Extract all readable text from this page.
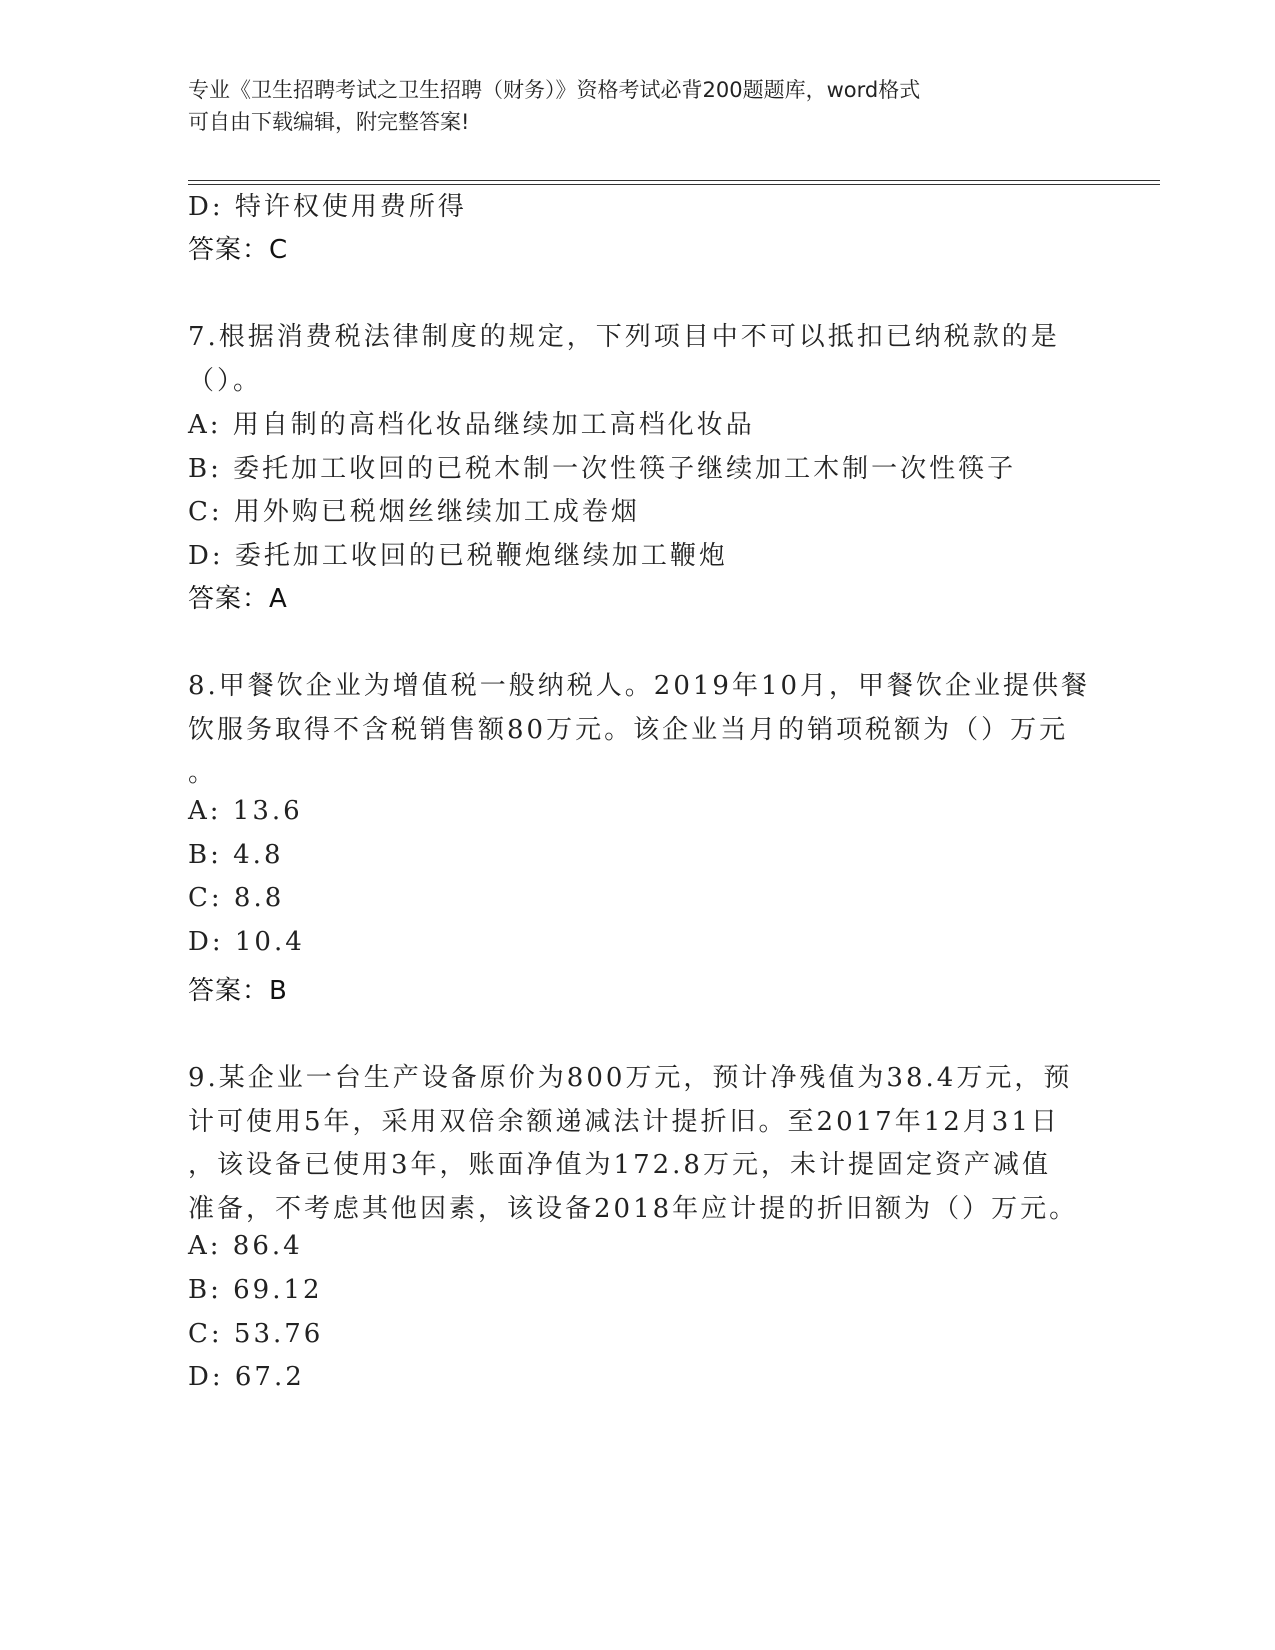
专业《卫生招聘考试之卫生招聘（财务）》资格考试必背200题题库，word格式
可自由下载编辑，附完整答案!
D: 特许权使用费所得
答案：C
7.根据消费税法律制度的规定，下列项目中不可以抵扣已纳税款的是
（）。
A: 用自制的高档化妆品继续加工高档化妆品
B: 委托加工收回的已税木制一次性筷子继续加工木制一次性筷子
C: 用外购已税烟丝继续加工成卷烟
D: 委托加工收回的已税鞭炮继续加工鞭炮
答案：A
8.甲餐饮企业为增值税一般纳税人。2019年10月，甲餐饮企业提供餐
饮服务取得不含税销售额80万元。该企业当月的销项税额为（）万元
。
A: 13.6
B: 4.8
C: 8.8
D: 10.4
答案：B
9.某企业一台生产设备原价为800万元，预计净残值为38.4万元，预
计可使用5年，采用双倍余额递减法计提折旧。至2017年12月31日
，该设备已使用3年，账面净值为172.8万元，未计提固定资产减值
准备，不考虑其他因素，该设备2018年应计提的折旧额为（）万元。
A: 86.4
B: 69.12
C: 53.76
D: 67.2
